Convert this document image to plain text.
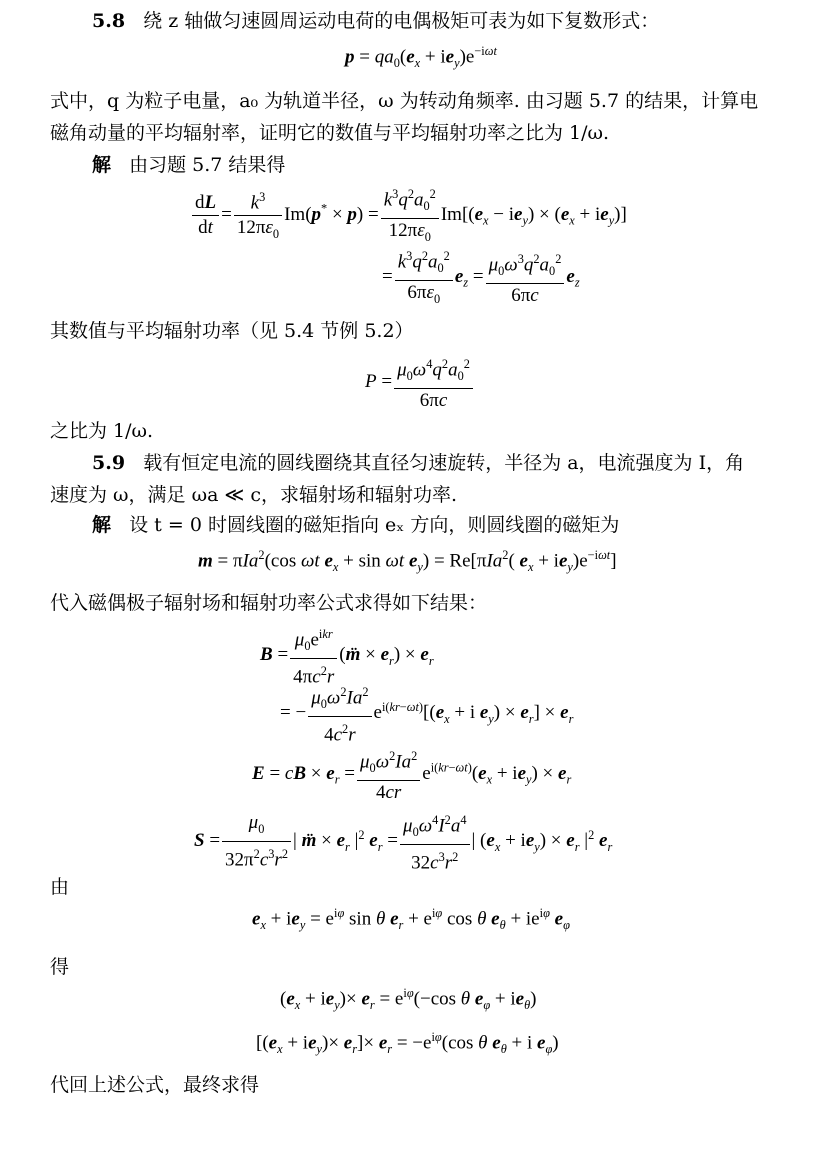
5.8 绕 z 轴做匀速圆周运动电荷的电偶极矩可表为如下复数形式：
$p = qa_0(e_x + ie_y)e^{-i\omega t}$
式中，q 为粒子电量，a₀ 为轨道半径，ω 为转动角频率. 由习题 5.7 的结果，计算电
磁角动量的平均辐射率，证明它的数值与平均辐射功率之比为 1/ω.
解 由习题 5.7 结果得
$\frac{dL}{dt} = \frac{k^3}{12\pi\varepsilon_0} Im(p^* \times p) = \frac{k^3q^2a_0^2}{12\pi\varepsilon_0} Im[(e_x - ie_y) \times (e_x + ie_y)]$
= $\frac{k^3q^2a_0^2}{6\pi\varepsilon_0} e_z = \frac{\mu_0\omega^3q^2a_0^2}{6\pi c} e_z$
其数值与平均辐射功率（见 5.4 节例 5.2）
$P = \frac{\mu_0\omega^4q^2a_0^2}{6\pi c}$
之比为 1/ω.
5.9 载有恒定电流的圆线圈绕其直径匀速旋转，半径为 a，电流强度为 I，角
速度为 ω，满足 ωa ≪ c，求辐射场和辐射功率.
解 设 t = 0 时圆线圈的磁矩指向 eₓ 方向，则圆线圈的磁矩为
m = πIa$^2$(cos ωt $e_x + \sin \omega t$ $e_y) = Re[\pi Ia^2$( $e_x + ie_y)e^{-i\omega t}$]
代入磁偶极子辐射场和辐射功率公式求得如下结果：
$B = \frac{\mu_0e^{ikr}}{4\pi c^2r}$ (m̈ × $e_r) \times e_r$
= − $\frac{\mu_0\omega^2Ia^2}{4c^2r} e^{i(kr-\omega t)}[(e_x + i$ $e_y) \times e_r] \times e_r$
E = cB × $e_r = \frac{\mu_0\omega^2Ia^2}{4cr} e^{i(kr-\omega t)}(e_x + ie_y) \times e_r$
$S = \frac{\mu_0}{32\pi^2c^3r^2}$ | m̈ × $e_r$ $|^2$ $e_r = \frac{\mu_0\omega^4I^2a^4}{32c^3r^2}$ | $(e_x + ie_y) \times e_r$ $|^2$ $e_r$
由
$e_x + ie_y = e^{i\varphi}$ sin θ $e_r + e^{i\varphi}$ cos θ $e_\theta + ie^{i\varphi}$ $e_\varphi$
得
$(e_x + ie_y)\times e_r = e^{i\varphi}(-\cos$ θ $e_\varphi + ie_\theta$)
$[(e_x + ie_y)\times e_r]\times e_r = -e^{i\varphi}(\cos$ θ $e_\theta + i$ $e_\varphi$)
代回上述公式，最终求得
